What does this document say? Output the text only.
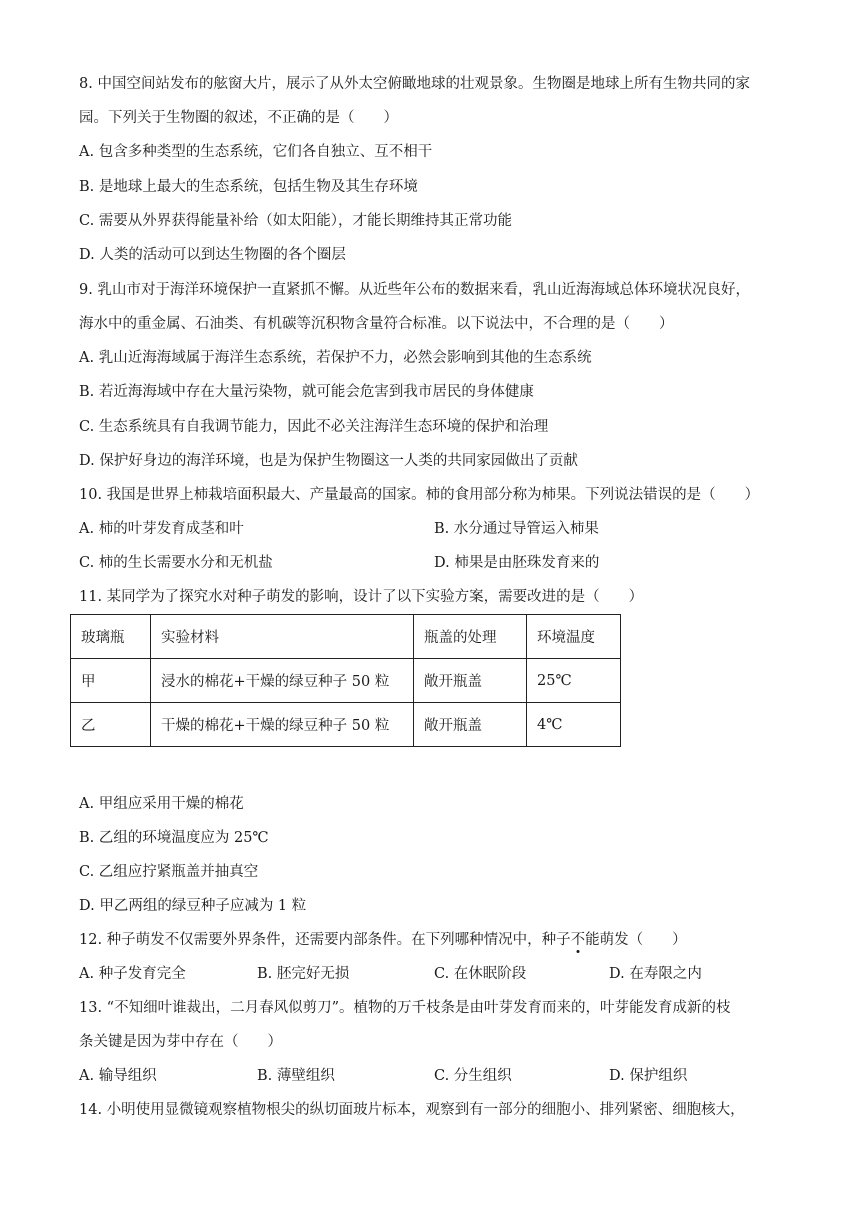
8. 中国空间站发布的舷窗大片，展示了从外太空俯瞰地球的壮观景象。生物圈是地球上所有生物共同的家
园。下列关于生物圈的叙述，不正确的是（　　）
A. 包含多种类型的生态系统，它们各自独立、互不相干
B. 是地球上最大的生态系统，包括生物及其生存环境
C. 需要从外界获得能量补给（如太阳能），才能长期维持其正常功能
D. 人类的活动可以到达生物圈的各个圈层
9. 乳山市对于海洋环境保护一直紧抓不懈。从近些年公布的数据来看，乳山近海海域总体环境状况良好，
海水中的重金属、石油类、有机碳等沉积物含量符合标准。以下说法中，不合理的是（　　）
A. 乳山近海海域属于海洋生态系统，若保护不力，必然会影响到其他的生态系统
B. 若近海海域中存在大量污染物，就可能会危害到我市居民的身体健康
C. 生态系统具有自我调节能力，因此不必关注海洋生态环境的保护和治理
D. 保护好身边的海洋环境，也是为保护生物圈这一人类的共同家园做出了贡献
10. 我国是世界上柿栽培面积最大、产量最高的国家。柿的食用部分称为柿果。下列说法错误的是（　　）
A. 柿的叶芽发育成茎和叶	B. 水分通过导管运入柿果
C. 柿的生长需要水分和无机盐	D. 柿果是由胚珠发育来的
11. 某同学为了探究水对种子萌发的影响，设计了以下实验方案，需要改进的是（　　）
玻璃瓶	实验材料	瓶盖的处理	环境温度
甲	浸水的棉花+干燥的绿豆种子 50 粒	敞开瓶盖	25℃
乙	干燥的棉花+干燥的绿豆种子 50 粒	敞开瓶盖	4℃
A. 甲组应采用干燥的棉花
B. 乙组的环境温度应为 25℃
C. 乙组应拧紧瓶盖并抽真空
D. 甲乙两组的绿豆种子应减为 1 粒
12. 种子萌发不仅需要外界条件，还需要内部条件。在下列哪种情况中，种子不能萌发（　　）
A. 种子发育完全	B. 胚完好无损	C. 在休眠阶段	D. 在寿限之内
13. “不知细叶谁裁出，二月春风似剪刀”。植物的万千枝条是由叶芽发育而来的，叶芽能发育成新的枝
条关键是因为芽中存在（　　）
A. 输导组织	B. 薄壁组织	C. 分生组织	D. 保护组织
14. 小明使用显微镜观察植物根尖的纵切面玻片标本，观察到有一部分的细胞小、排列紧密、细胞核大，
